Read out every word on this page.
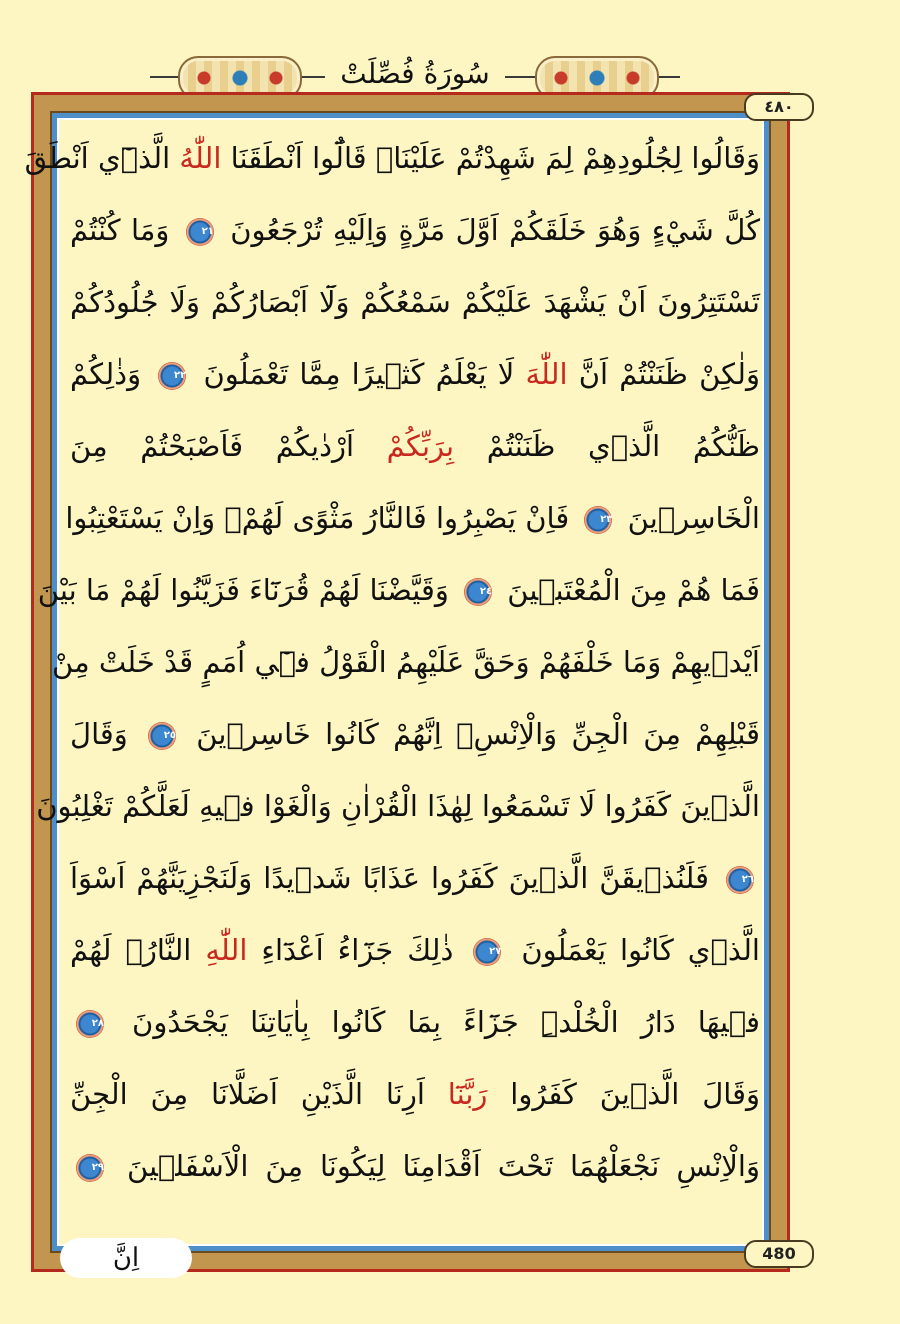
سُورَةُ فُصِّلَتْ
٤٨٠
480
وَقَالُوا لِجُلُودِهِمْ لِمَ شَهِدْتُمْ عَلَيْنَاۜ قَالُٓوا اَنْطَقَنَا اللّٰهُ الَّذ۪ٓي اَنْطَقَ
كُلَّ شَيْءٍ وَهُوَ خَلَقَكُمْ اَوَّلَ مَرَّةٍ وَاِلَيْهِ تُرْجَعُونَ ٢١ وَمَا كُنْتُمْ
تَسْتَتِرُونَ اَنْ يَشْهَدَ عَلَيْكُمْ سَمْعُكُمْ وَلَٓا اَبْصَارُكُمْ وَلَا جُلُودُكُمْ
وَلٰكِنْ ظَنَنْتُمْ اَنَّ اللّٰهَ لَا يَعْلَمُ كَث۪يرًا مِمَّا تَعْمَلُونَ ٢٢ وَذٰلِكُمْ
ظَنُّكُمُ الَّذ۪ي ظَنَنْتُمْ بِرَبِّكُمْ اَرْدٰيكُمْ فَاَصْبَحْتُمْ مِنَ
الْخَاسِر۪ينَ ٢٣ فَاِنْ يَصْبِرُوا فَالنَّارُ مَثْوًى لَهُمْۚ وَاِنْ يَسْتَعْتِبُوا
فَمَا هُمْ مِنَ الْمُعْتَب۪ينَ ٢٤ وَقَيَّضْنَا لَهُمْ قُرَنَٓاءَ فَزَيَّنُوا لَهُمْ مَا بَيْنَ
اَيْد۪يهِمْ وَمَا خَلْفَهُمْ وَحَقَّ عَلَيْهِمُ الْقَوْلُ ف۪ٓي اُمَمٍ قَدْ خَلَتْ مِنْ
قَبْلِهِمْ مِنَ الْجِنِّ وَالْاِنْسِۚ اِنَّهُمْ كَانُوا خَاسِر۪ينَ ٢٥ وَقَالَ
الَّذ۪ينَ كَفَرُوا لَا تَسْمَعُوا لِهٰذَا الْقُرْاٰنِ وَالْغَوْا ف۪يهِ لَعَلَّكُمْ تَغْلِبُونَ
٢٦ فَلَنُذ۪يقَنَّ الَّذ۪ينَ كَفَرُوا عَذَابًا شَد۪يدًا وَلَنَجْزِيَنَّهُمْ اَسْوَاَ
الَّذ۪ي كَانُوا يَعْمَلُونَ ٢٧ ذٰلِكَ جَزَٓاءُ اَعْدَٓاءِ اللّٰهِ النَّارُۚ لَهُمْ
ف۪يهَا دَارُ الْخُلْدِۜ جَزَٓاءً بِمَا كَانُوا بِاٰيَاتِنَا يَجْحَدُونَ ٢٨
وَقَالَ الَّذ۪ينَ كَفَرُوا رَبَّنَٓا اَرِنَا الَّذَيْنِ اَضَلَّانَا مِنَ الْجِنِّ
وَالْاِنْسِ نَجْعَلْهُمَا تَحْتَ اَقْدَامِنَا لِيَكُونَا مِنَ الْاَسْفَل۪ينَ ٢٩
اِنَّ
